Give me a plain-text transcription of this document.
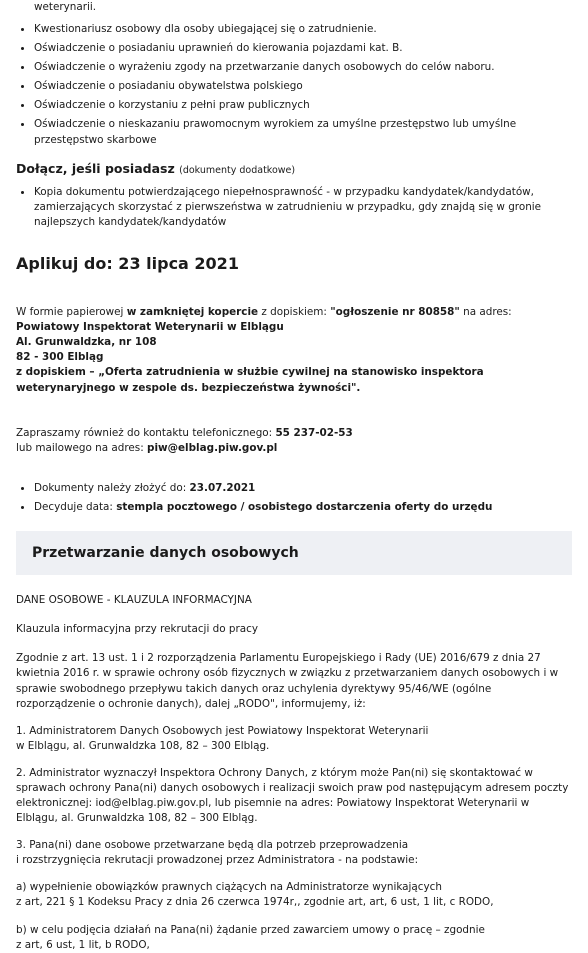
weterynarii.

• Kwestionariusz osobowy dla osoby ubiegającej się o zatrudnienie.
• Oświadczenie o posiadaniu uprawnień do kierowania pojazdami kat. B.
• Oświadczenie o wyrażeniu zgody na przetwarzanie danych osobowych do celów naboru.
• Oświadczenie o posiadaniu obywatelstwa polskiego
• Oświadczenie o korzystaniu z pełni praw publicznych
• Oświadczenie o nieskazaniu prawomocnym wyrokiem za umyślne przestępstwo lub umyślne przestępstwo skarbowe
Dołącz, jeśli posiadasz (dokumenty dodatkowe)
• Kopia dokumentu potwierdzającego niepełnosprawność - w przypadku kandydatek/kandydatów, zamierzających skorzystać z pierwszeństwa w zatrudnieniu w przypadku, gdy znajdą się w gronie najlepszych kandydatek/kandydatów
Aplikuj do: 23 lipca 2021

W formie papierowej w zamkniętej kopercie z dopiskiem: "ogłoszenie nr 80858" na adres: Powiatowy Inspektorat Weterynarii w Elblągu
Al. Grunwaldzka, nr 108
82 - 300 Elbląg
z dopiskiem – „Oferta zatrudnienia w służbie cywilnej na stanowisko inspektora weterynaryjnego w zespole ds. bezpieczeństwa żywności".

Zapraszamy również do kontaktu telefonicznego: 55 237-02-53
lub mailowego na adres: piw@elblag.piw.gov.pl

• Dokumenty należy złożyć do: 23.07.2021
• Decyduje data: stempla pocztowego / osobistego dostarczenia oferty do urzędu
Przetwarzanie danych osobowych

DANE OSOBOWE - KLAUZULA INFORMACYJNA

Klauzula informacyjna przy rekrutacji do pracy

Zgodnie z art. 13 ust. 1 i 2 rozporządzenia Parlamentu Europejskiego i Rady (UE) 2016/679 z dnia 27 kwietnia 2016 r. w sprawie ochrony osób fizycznych w związku z przetwarzaniem danych osobowych i w sprawie swobodnego przepływu takich danych oraz uchylenia dyrektywy 95/46/WE (ogólne rozporządzenie o ochronie danych), dalej „RODO", informujemy, iż:

1. Administratorem Danych Osobowych jest Powiatowy Inspektorat Weterynarii
w Elblągu, al. Grunwaldzka 108, 82 – 300 Elbląg.

2. Administrator wyznaczył Inspektora Ochrony Danych, z którym może Pan(ni) się skontaktować w sprawach ochrony Pana(ni) danych osobowych i realizacji swoich praw pod następującym adresem poczty elektronicznej: iod@elblag.piw.gov.pl, lub pisemnie na adres: Powiatowy Inspektorat Weterynarii w Elblągu, al. Grunwaldzka 108, 82 – 300 Elbląg.

3. Pana(ni) dane osobowe przetwarzane będą dla potrzeb przeprowadzenia
i rozstrzygnięcia rekrutacji prowadzonej przez Administratora - na podstawie:

a) wypełnienie obowiązków prawnych ciążących na Administratorze wynikających
z art, 221 § 1 Kodeksu Pracy z dnia 26 czerwca 1974r,, zgodnie art, art, 6 ust, 1 lit, c RODO,

b) w celu podjęcia działań na Pana(ni) żądanie przed zawarciem umowy o pracę – zgodnie
z art, 6 ust, 1 lit, b RODO,
